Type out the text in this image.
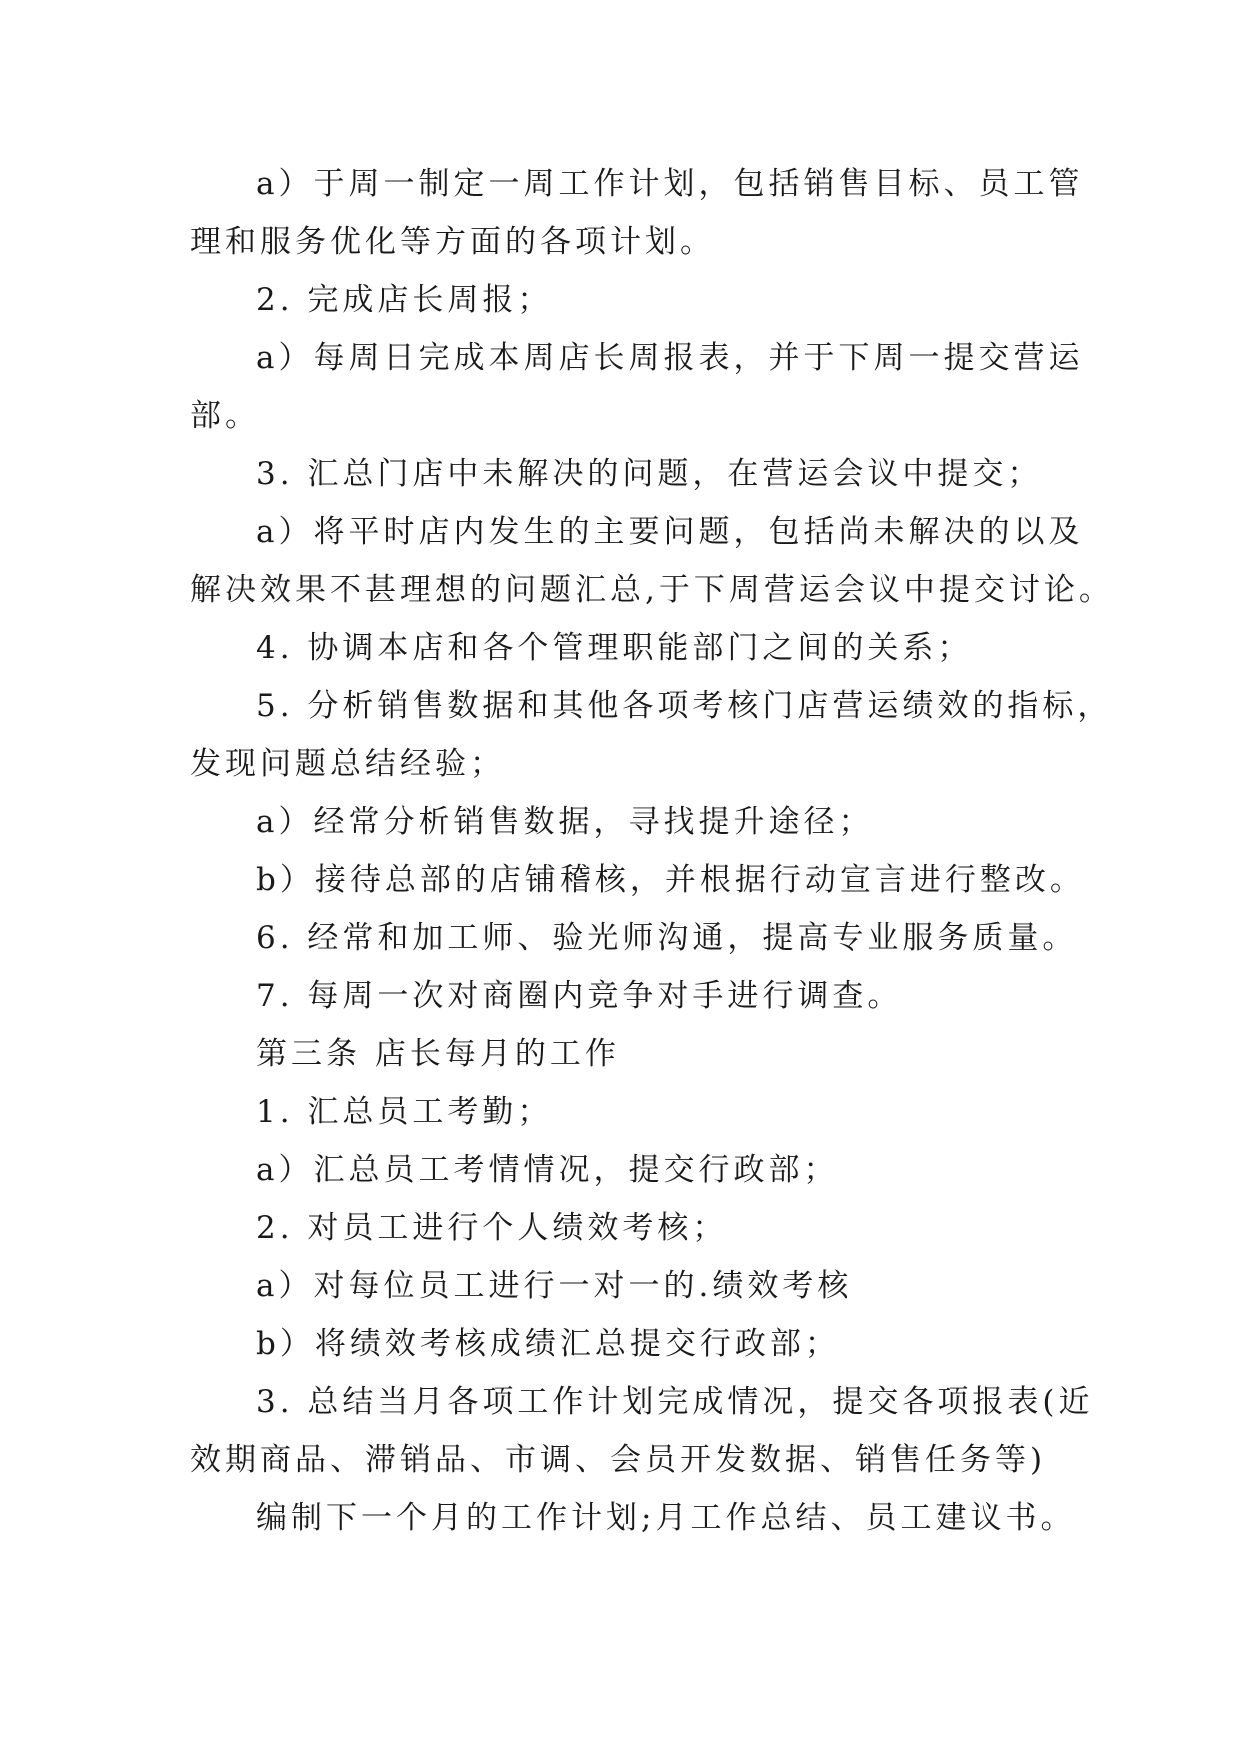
a）于周一制定一周工作计划，包括销售目标、员工管
理和服务优化等方面的各项计划。
2. 完成店长周报；
a）每周日完成本周店长周报表，并于下周一提交营运
部。
3. 汇总门店中未解决的问题，在营运会议中提交；
a）将平时店内发生的主要问题，包括尚未解决的以及
解决效果不甚理想的问题汇总,于下周营运会议中提交讨论。
4. 协调本店和各个管理职能部门之间的关系；
5. 分析销售数据和其他各项考核门店营运绩效的指标，
发现问题总结经验；
a）经常分析销售数据，寻找提升途径；
b）接待总部的店铺稽核，并根据行动宣言进行整改。
6. 经常和加工师、验光师沟通，提高专业服务质量。
7. 每周一次对商圈内竞争对手进行调查。
第三条 店长每月的工作
1. 汇总员工考勤；
a）汇总员工考情情况，提交行政部；
2. 对员工进行个人绩效考核；
a）对每位员工进行一对一的.绩效考核
b）将绩效考核成绩汇总提交行政部；
3. 总结当月各项工作计划完成情况，提交各项报表(近
效期商品、滞销品、市调、会员开发数据、销售任务等)
编制下一个月的工作计划;月工作总结、员工建议书。
